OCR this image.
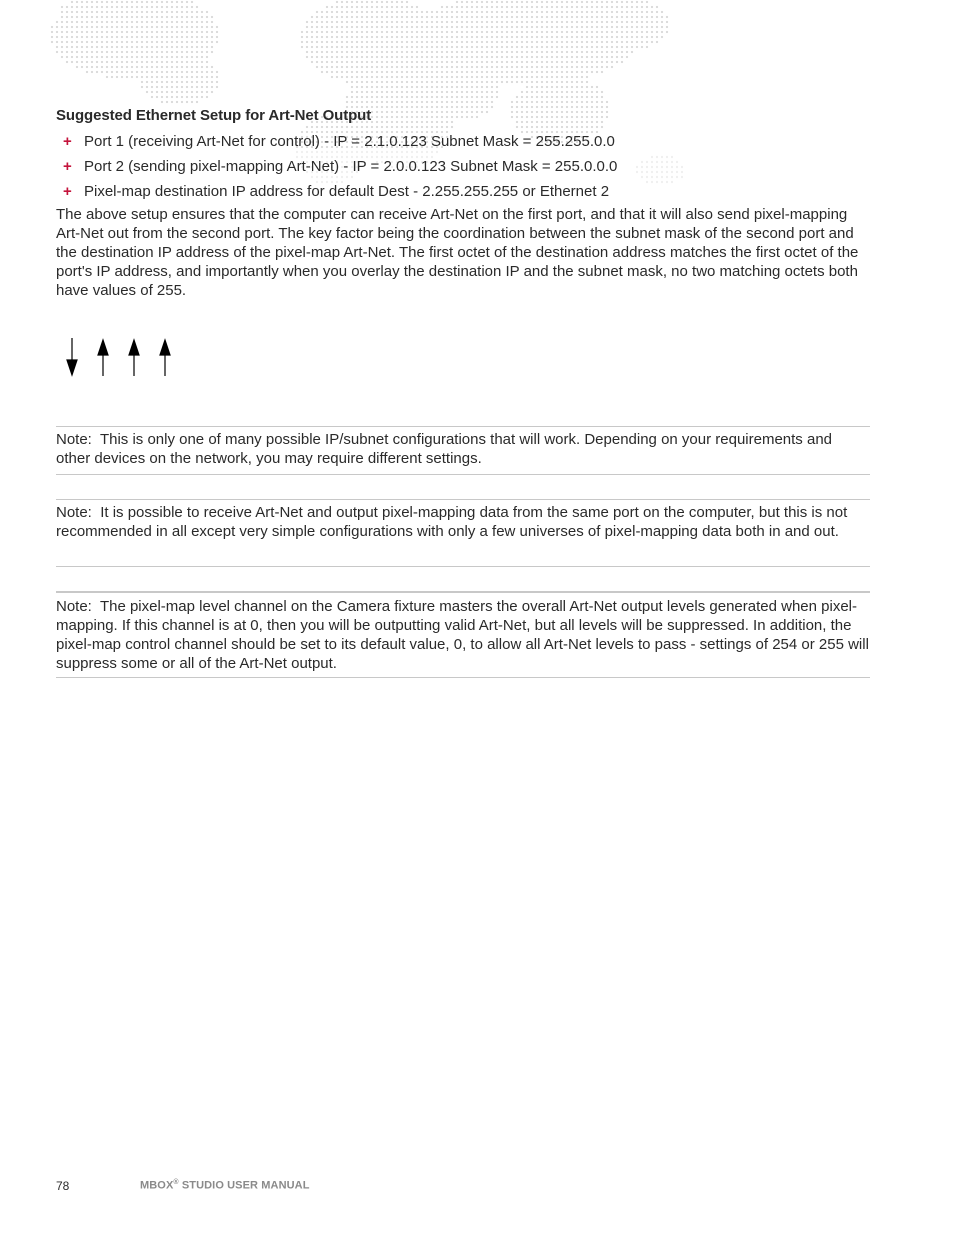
Suggested Ethernet Setup for Art-Net Output
+ Port 1 (receiving Art-Net for control) - IP = 2.1.0.123 Subnet Mask = 255.255.0.0
+ Port 2 (sending pixel-mapping Art-Net) - IP = 2.0.0.123 Subnet Mask = 255.0.0.0
+ Pixel-map destination IP address for default Dest - 2.255.255.255 or Ethernet 2

The above setup ensures that the computer can receive Art-Net on the first port, and that it will also send pixel-mapping Art-Net out from the second port. The key factor being the coordination between the subnet mask of the second port and the destination IP address of the pixel-map Art-Net. The first octet of the destination address matches the first octet of the port's IP address, and importantly when you overlay the destination IP and the subnet mask, no two matching octets both have values of 255.

Note: This is only one of many possible IP/subnet configurations that will work. Depending on your requirements and other devices on the network, you may require different settings.
Note: It is possible to receive Art-Net and output pixel-mapping data from the same port on the computer, but this is not recommended in all except very simple configurations with only a few universes of pixel-mapping data both in and out.
Note: The pixel-map level channel on the Camera fixture masters the overall Art-Net output levels generated when pixel-mapping. If this channel is at 0, then you will be outputting valid Art-Net, but all levels will be suppressed. In addition, the pixel-map control channel should be set to its default value, 0, to allow all Art-Net levels to pass - settings of 254 or 255 will suppress some or all of the Art-Net output.
78	MBOX® STUDIO USER MANUAL
